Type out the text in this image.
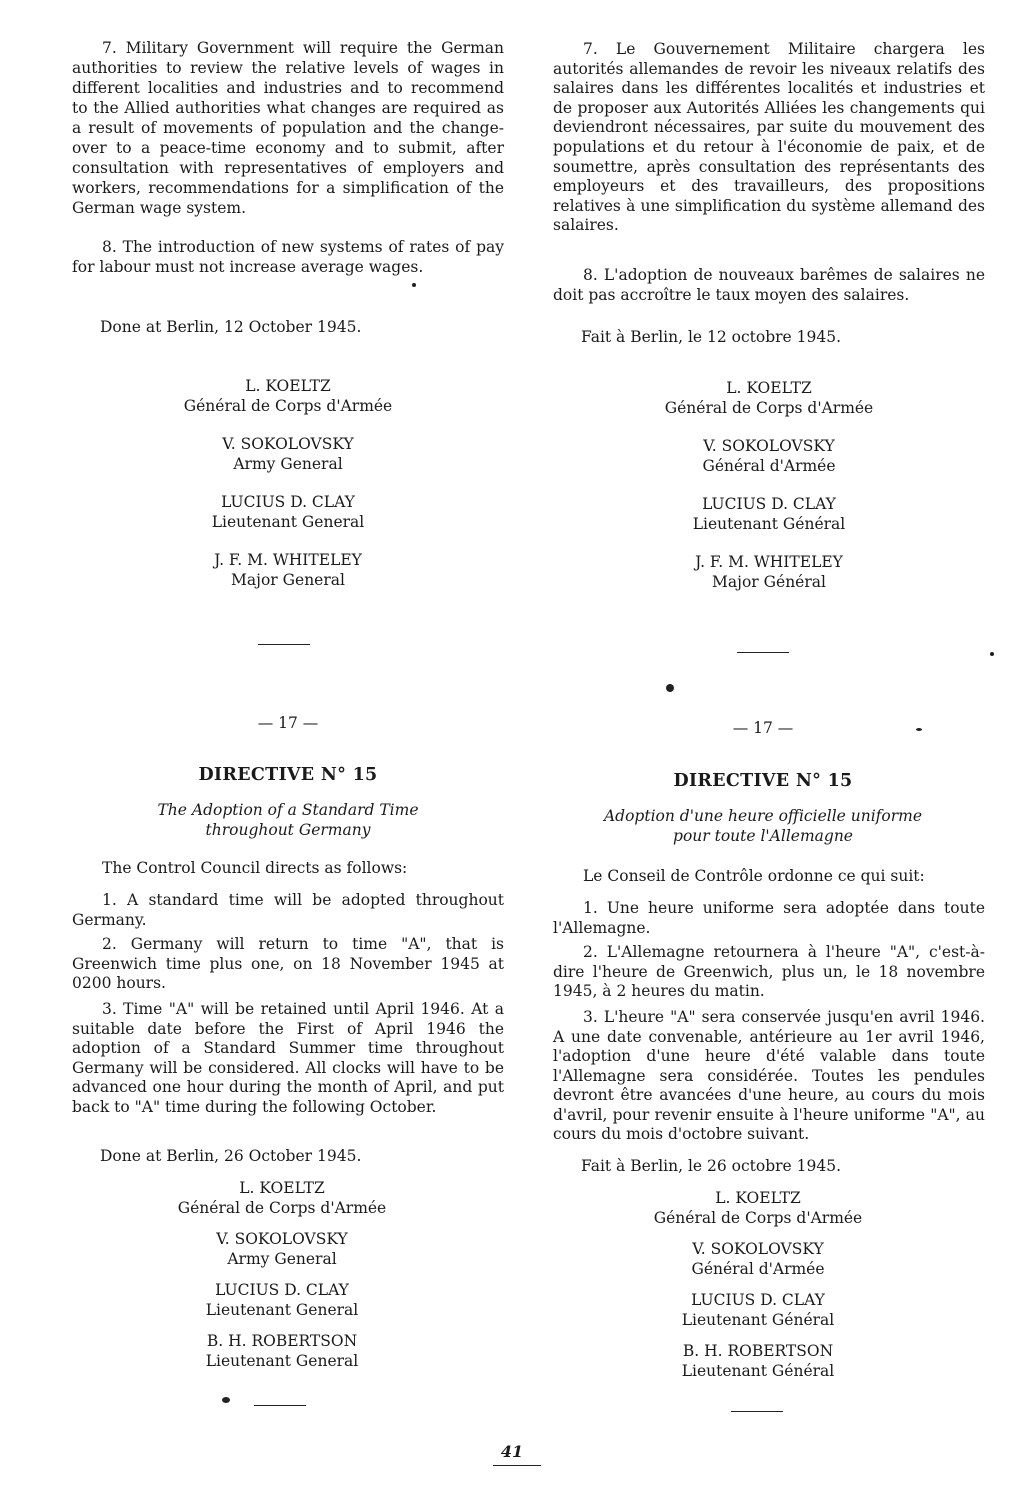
7. Military Government will require the German authorities to review the relative levels of wages in different localities and industries and to recommend to the Allied authorities what changes are required as a result of movements of population and the change-over to a peace-time economy and to submit, after consultation with representatives of employers and workers, recommendations for a simplification of the German wage system.

8. The introduction of new systems of rates of pay for labour must not increase average wages.

Done at Berlin, 12 October 1945.
L. KOELTZ
Général de Corps d'Armée
V. SOKOLOVSKY
Army General
LUCIUS D. CLAY
Lieutenant General
J. F. M. WHITELEY
Major General
— 17 —
DIRECTIVE N° 15
The Adoption of a Standard Time
throughout Germany

The Control Council directs as follows:

1. A standard time will be adopted throughout Germany.

2. Germany will return to time "A", that is Greenwich time plus one, on 18 November 1945 at 0200 hours.

3. Time "A" will be retained until April 1946. At a suitable date before the First of April 1946 the adoption of a Standard Summer time throughout Germany will be considered. All clocks will have to be advanced one hour during the month of April, and put back to "A" time during the following October.

Done at Berlin, 26 October 1945.
L. KOELTZ
Général de Corps d'Armée
V. SOKOLOVSKY
Army General
LUCIUS D. CLAY
Lieutenant General
B. H. ROBERTSON
Lieutenant General

7. Le Gouvernement Militaire chargera les autorités allemandes de revoir les niveaux relatifs des salaires dans les différentes localités et industries et de proposer aux Autorités Alliées les changements qui deviendront nécessaires, par suite du mouvement des populations et du retour à l'économie de paix, et de soumettre, après consultation des représentants des employeurs et des travailleurs, des propositions relatives à une simplification du système allemand des salaires.

8. L'adoption de nouveaux barêmes de salaires ne doit pas accroître le taux moyen des salaires.

Fait à Berlin, le 12 octobre 1945.
L. KOELTZ
Général de Corps d'Armée
V. SOKOLOVSKY
Général d'Armée
LUCIUS D. CLAY
Lieutenant Général
J. F. M. WHITELEY
Major Général
— 17 —
DIRECTIVE N° 15
Adoption d'une heure officielle uniforme
pour toute l'Allemagne

Le Conseil de Contrôle ordonne ce qui suit:

1. Une heure uniforme sera adoptée dans toute l'Allemagne.

2. L'Allemagne retournera à l'heure "A", c'est-à-dire l'heure de Greenwich, plus un, le 18 novembre 1945, à 2 heures du matin.

3. L'heure "A" sera conservée jusqu'en avril 1946. A une date convenable, antérieure au 1er avril 1946, l'adoption d'une heure d'été valable dans toute l'Allemagne sera considérée. Toutes les pendules devront être avancées d'une heure, au cours du mois d'avril, pour revenir ensuite à l'heure uniforme "A", au cours du mois d'octobre suivant.

Fait à Berlin, le 26 octobre 1945.
L. KOELTZ
Général de Corps d'Armée
V. SOKOLOVSKY
Général d'Armée
LUCIUS D. CLAY
Lieutenant Général
B. H. ROBERTSON
Lieutenant Général
41
